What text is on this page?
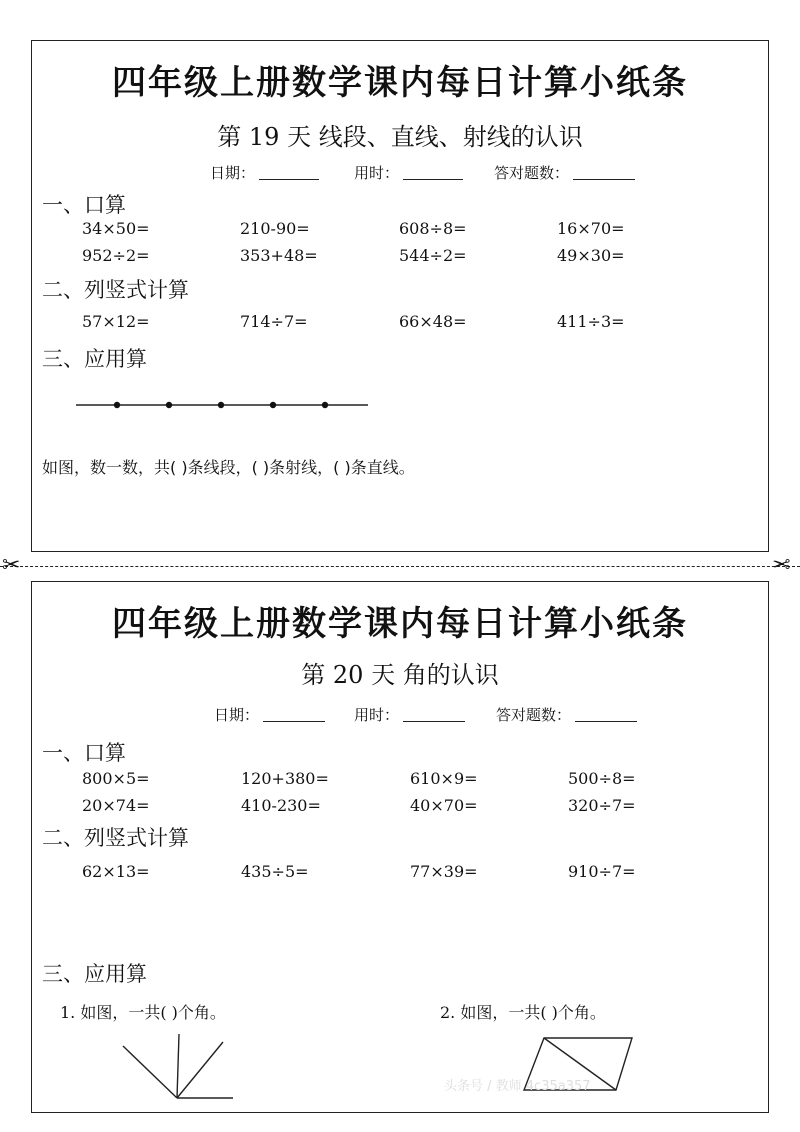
四年级上册数学课内每日计算小纸条
第 19 天 线段、直线、射线的认识
日期：	用时：	答对题数：
一、口算
34×50=	210-90=	608÷8=	16×70=
952÷2=	353+48=	544÷2=	49×30=
二、列竖式计算
57×12=	714÷7=	66×48=	411÷3=
三、应用算
如图，数一数，共( )条线段，( )条射线，( )条直线。
✂	✂
四年级上册数学课内每日计算小纸条
第 20 天 角的认识
日期：	用时：	答对题数：
一、口算
800×5=	120+380=	610×9=	500÷8=
20×74=	410-230=	40×70=	320÷7=
二、列竖式计算
62×13=	435÷5=	77×39=	910÷7=
三、应用算
1. 如图，一共( )个角。	2. 如图，一共( )个角。
头条号 / 教师 4c35a357
